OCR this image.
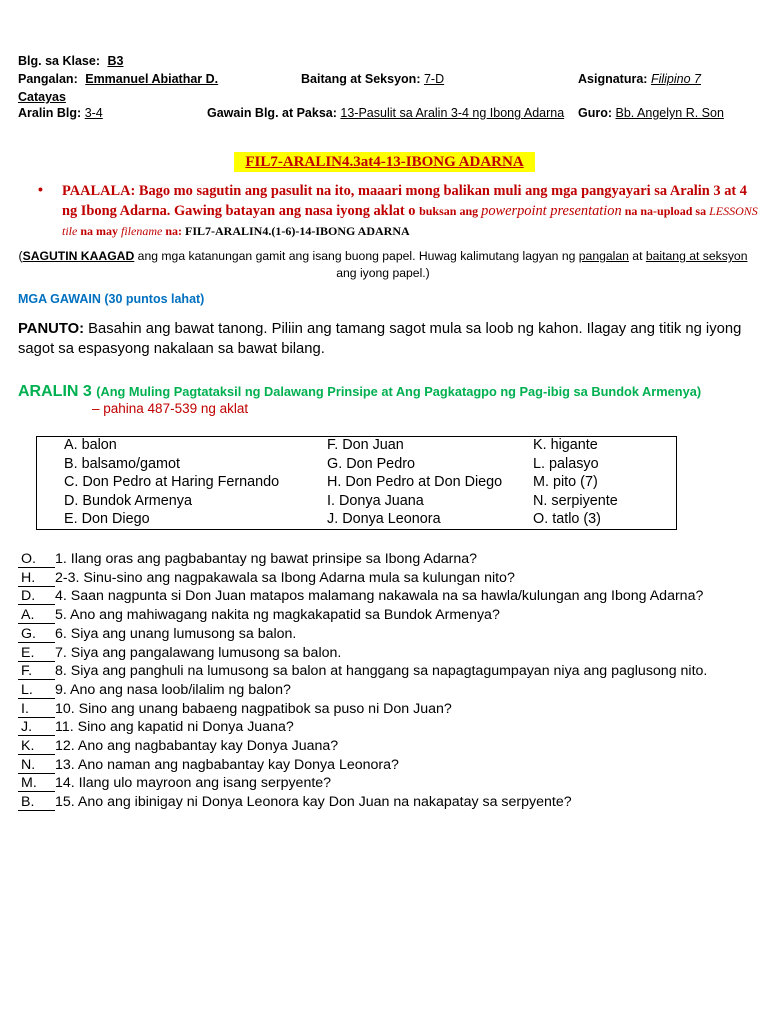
Blg. sa Klase: B3
Pangalan: Emmanuel Abiathar D.
Catayas
Baitang at Seksyon: 7-D	Asignatura: Filipino 7
Aralin Blg: 3-4	Gawain Blg. at Paksa: 13-Pasulit sa Aralin 3-4 ng Ibong Adarna Guro: Bb. Angelyn R. Son
FIL7-ARALIN4.3at4-13-IBONG ADARNA
• PAALALA: Bago mo sagutin ang pasulit na ito, maaari mong balikan muli ang mga pangyayari sa Aralin 3 at 4 ng Ibong Adarna. Gawing batayan ang nasa iyong aklat o buksan ang powerpoint presentation na na-upload sa LESSONS tile na may filename na: FIL7-ARALIN4.(1-6)-14-IBONG ADARNA
(SAGUTIN KAAGAD ang mga katanungan gamit ang isang buong papel. Huwag kalimutang lagyan ng pangalan at baitang at seksyon ang iyong papel.)
MGA GAWAIN (30 puntos lahat)
PANUTO: Basahin ang bawat tanong. Piliin ang tamang sagot mula sa loob ng kahon. Ilagay ang titik ng iyong sagot sa espasyong nakalaan sa bawat bilang.
ARALIN 3 (Ang Muling Pagtataksil ng Dalawang Prinsipe at Ang Pagkatagpo ng Pag-ibig sa Bundok Armenya)
– pahina 487-539 ng aklat
A. balon
B. balsamo/gamot
C. Don Pedro at Haring Fernando
D. Bundok Armenya
E. Don Diego
F. Don Juan
G. Don Pedro
H. Don Pedro at Don Diego
I. Donya Juana
J. Donya Leonora
K. higante
L. palasyo
M. pito (7)
N. serpiyente
O. tatlo (3)
O. 1. Ilang oras ang pagbabantay ng bawat prinsipe sa Ibong Adarna?
H. 2-3. Sinu-sino ang nagpakawala sa Ibong Adarna mula sa kulungan nito?
D. 4. Saan nagpunta si Don Juan matapos malamang nakawala na sa hawla/kulungan ang Ibong Adarna?
A. 5. Ano ang mahiwagang nakita ng magkakapatid sa Bundok Armenya?
G. 6. Siya ang unang lumusong sa balon.
E. 7. Siya ang pangalawang lumusong sa balon.
F. 8. Siya ang panghuli na lumusong sa balon at hanggang sa napagtagumpayan niya ang paglusong nito.
L. 9. Ano ang nasa loob/ilalim ng balon?
I. 10. Sino ang unang babaeng nagpatibok sa puso ni Don Juan?
J. 11. Sino ang kapatid ni Donya Juana?
K. 12. Ano ang nagbabantay kay Donya Juana?
N. 13. Ano naman ang nagbabantay kay Donya Leonora?
M. 14. Ilang ulo mayroon ang isang serpyente?
B. 15. Ano ang ibinigay ni Donya Leonora kay Don Juan na nakapatay sa serpyente?
